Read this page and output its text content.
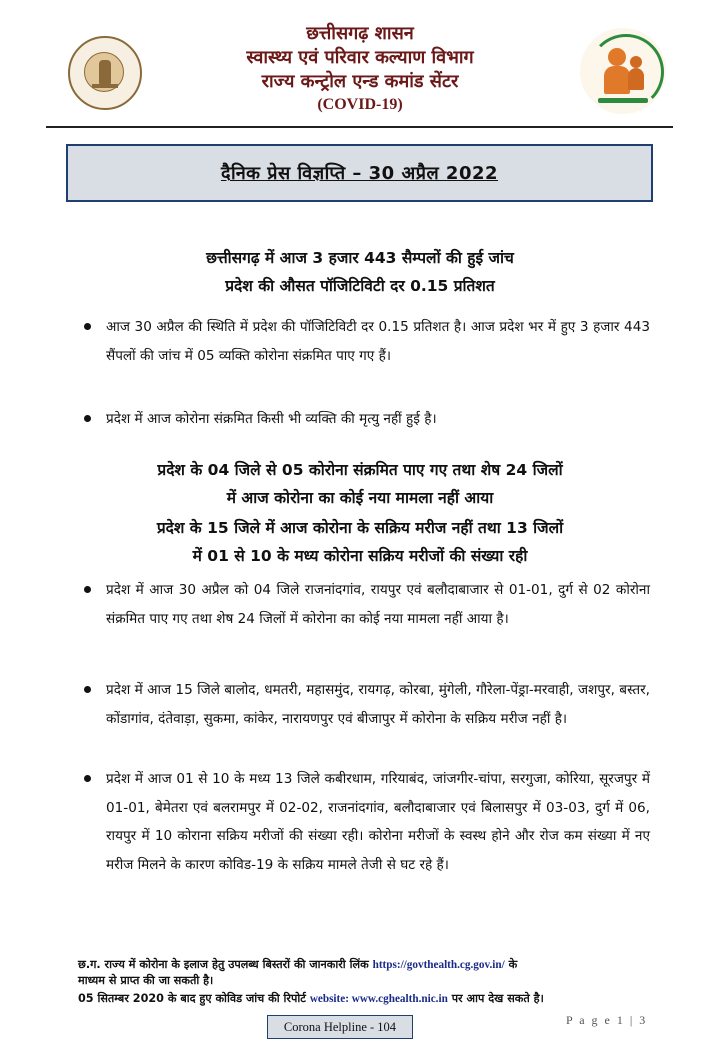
छत्तीसगढ़ शासन
स्वास्थ्य एवं परिवार कल्याण विभाग
राज्य कन्ट्रोल एन्ड कमांड सेंटर
(COVID-19)
दैनिक प्रेस विज्ञप्ति – 30 अप्रैल 2022
छत्तीसगढ़ में आज 3 हजार 443 सैम्पलों की हुई जांच
प्रदेश की औसत पॉजिटिविटी दर 0.15 प्रतिशत
आज 30 अप्रैल की स्थिति में प्रदेश की पॉजिटिविटी दर 0.15 प्रतिशत है। आज प्रदेश भर में हुए 3 हजार 443 सैंपलों की जांच में 05 व्यक्ति कोरोना संक्रमित पाए गए हैं।
प्रदेश में आज कोरोना संक्रमित किसी भी व्यक्ति की मृत्यु नहीं हुई है।
प्रदेश के 04 जिले से 05 कोरोना संक्रमित पाए गए तथा शेष 24 जिलों
में आज कोरोना का कोई नया मामला नहीं आया
प्रदेश के 15 जिले में आज कोरोना के सक्रिय मरीज नहीं तथा 13 जिलों
में 01 से 10 के मध्य कोरोना सक्रिय मरीजों की संख्या रही
प्रदेश में आज 30 अप्रैल को 04 जिले राजनांदगांव, रायपुर एवं बलौदाबाजार से 01-01, दुर्ग से 02 कोरोना संक्रमित पाए गए तथा शेष 24 जिलों में कोरोना का कोई नया मामला नहीं आया है।
प्रदेश में आज 15 जिले बालोद, धमतरी, महासमुंद, रायगढ़, कोरबा, मुंगेली, गौरेला-पेंड्रा-मरवाही, जशपुर, बस्तर, कोंडागांव, दंतेवाड़ा, सुकमा, कांकेर, नारायणपुर एवं बीजापुर में कोरोना के सक्रिय मरीज नहीं है।
प्रदेश में आज 01 से 10 के मध्य 13 जिले कबीरधाम, गरियाबंद, जांजगीर-चांपा, सरगुजा, कोरिया, सूरजपुर में 01-01, बेमेतरा एवं बलरामपुर में 02-02, राजनांदगांव, बलौदाबाजार एवं बिलासपुर में 03-03, दुर्ग में 06, रायपुर में 10 कोराना सक्रिय मरीजों की संख्या रही। कोरोना मरीजों के स्वस्थ होने और रोज कम संख्या में नए मरीज मिलने के कारण कोविड-19 के सक्रिय मामले तेजी से घट रहे हैं।
छ.ग. राज्य में कोरोना के इलाज हेतु उपलब्ध बिस्तरों की जानकारी लिंक https://govthealth.cg.gov.in/ के
माध्यम से प्राप्त की जा सकती है।
05 सितम्बर 2020 के बाद हुए कोविड जांच की रिपोर्ट website: www.cghealth.nic.in पर आप देख सकते है।
Corona Helpline - 104	P a g e 1 | 3
